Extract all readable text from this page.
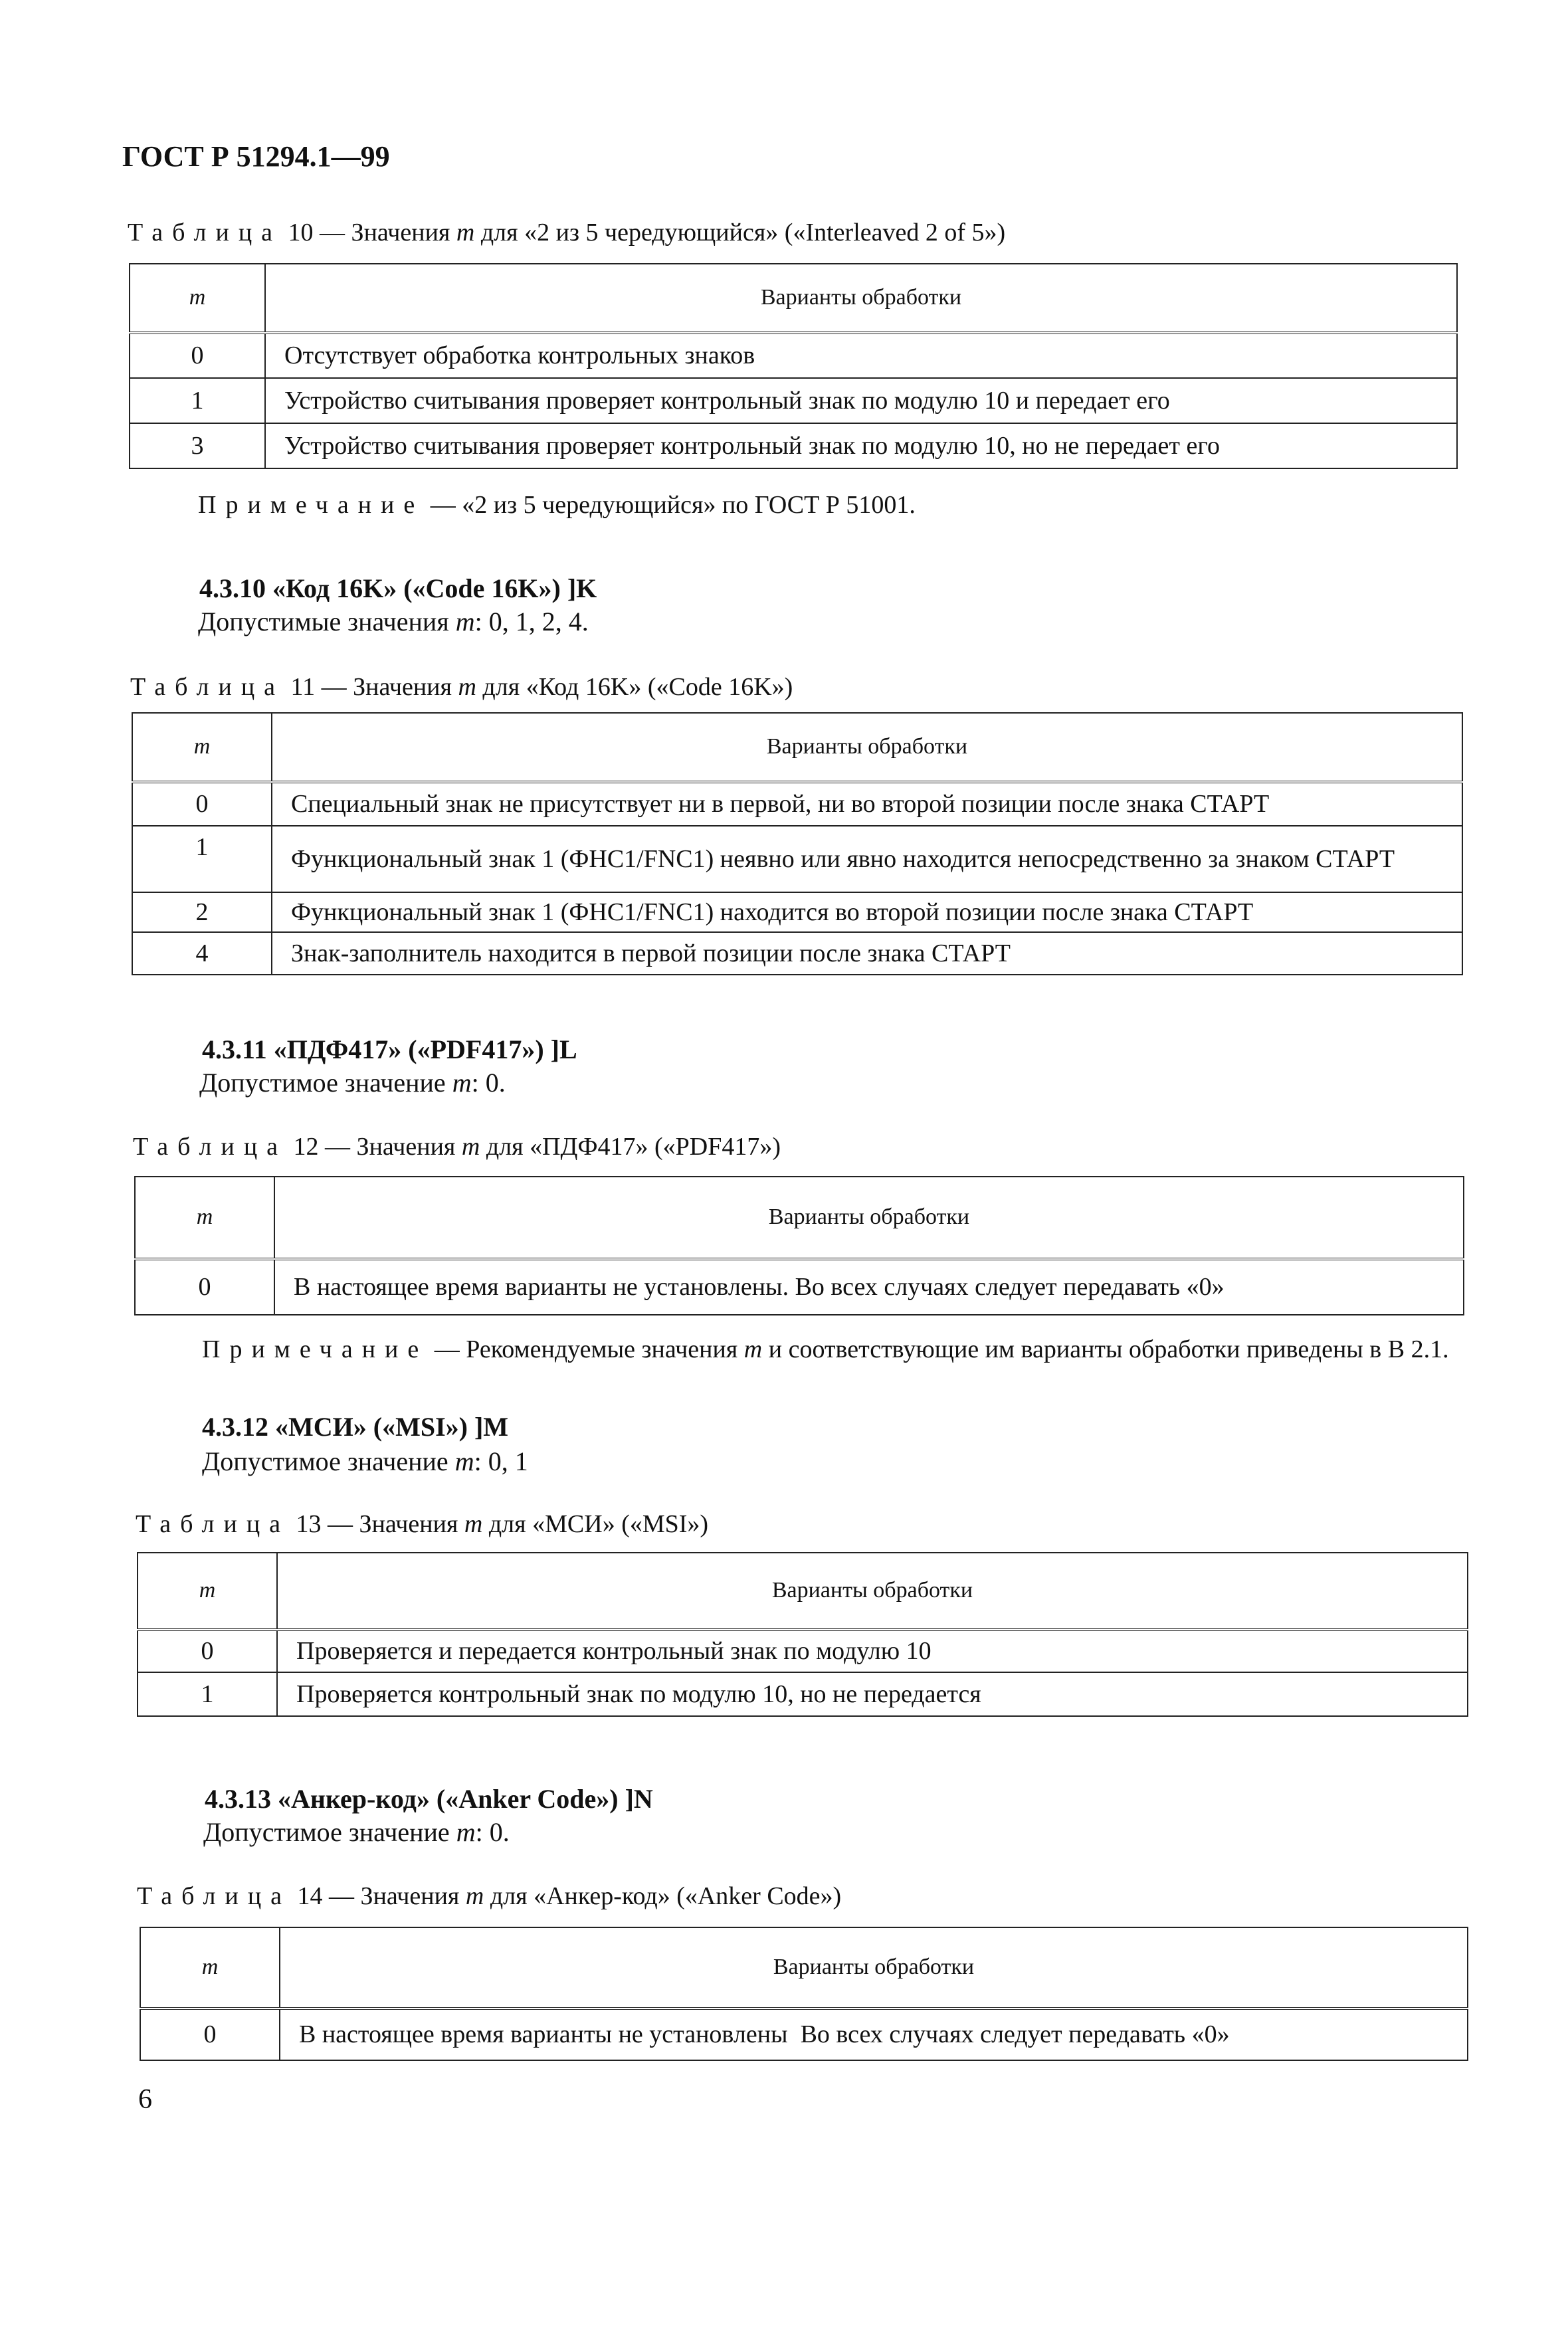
ГОСТ Р 51294.1—99
Таблица 10 — Значения m для «2 из 5 чередующийся» («Interleaved 2 of 5»)
m	Варианты обработки
0	Отсутствует обработка контрольных знаков
1	Устройство считывания проверяет контрольный знак по модулю 10 и передает его
3	Устройство считывания проверяет контрольный знак по модулю 10, но не передает его
Примечание — «2 из 5 чередующийся» по ГОСТ Р 51001.
4.3.10 «Код 16K» («Code 16K») ]K
Допустимые значения m: 0, 1, 2, 4.
Таблица 11 — Значения m для «Код 16K» («Code 16K»)
m	Варианты обработки
0	Специальный знак не присутствует ни в первой, ни во второй позиции после знака СТАРТ
1	Функциональный знак 1 (ФНС1/FNC1) неявно или явно находится непосредственно за знаком СТАРТ
2	Функциональный знак 1 (ФНС1/FNC1) находится во второй позиции после знака СТАРТ
4	Знак-заполнитель находится в первой позиции после знака СТАРТ
4.3.11 «ПДФ417» («PDF417») ]L
Допустимое значение m: 0.
Таблица 12 — Значения m для «ПДФ417» («PDF417»)
m	Варианты обработки
0	В настоящее время варианты не установлены. Во всех случаях следует передавать «0»
Примечание — Рекомендуемые значения m и соответствующие им варианты обработки приведены в В 2.1.
4.3.12 «МСИ» («MSI») ]M
Допустимое значение m: 0, 1
Таблица 13 — Значения m для «МСИ» («MSI»)
m	Варианты обработки
0	Проверяется и передается контрольный знак по модулю 10
1	Проверяется контрольный знак по модулю 10, но не передается
4.3.13 «Анкер-код» («Anker Code») ]N
Допустимое значение m: 0.
Таблица 14 — Значения m для «Анкер-код» («Anker Code»)
m	Варианты обработки
0	В настоящее время варианты не установлены  Во всех случаях следует передавать «0»
6
